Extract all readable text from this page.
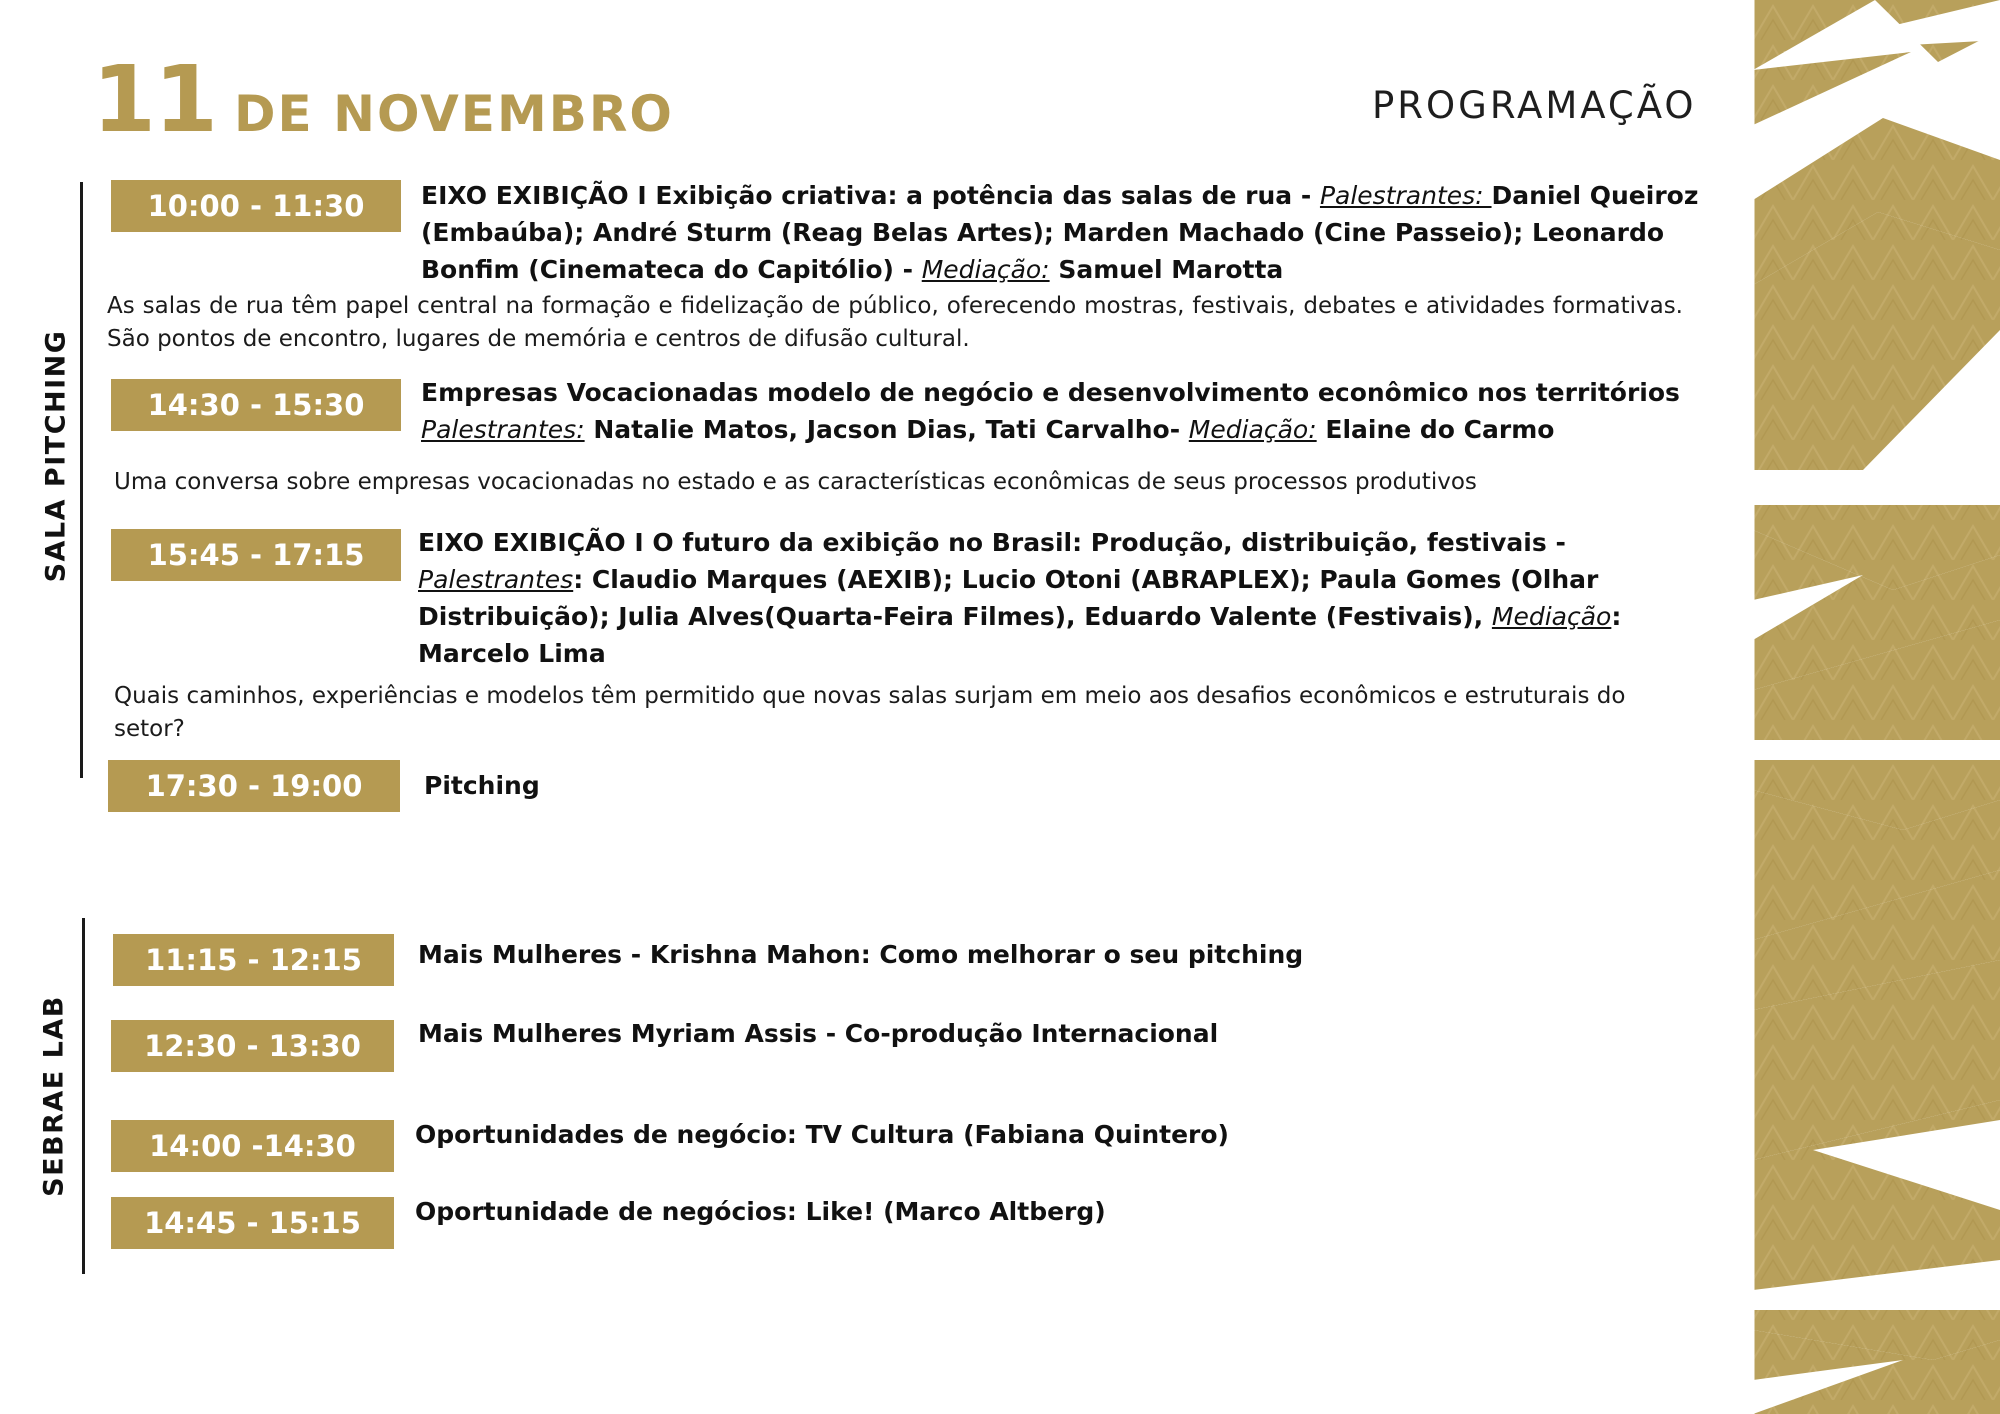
11 DE NOVEMBRO	PROGRAMAÇÃO
SALA PITCHING
SEBRAE LAB
10:00 - 11:30	EIXO EXIBIÇÃO I Exibição criativa: a potência das salas de rua - Palestrantes: Daniel Queiroz
(Embaúba); André Sturm (Reag Belas Artes); Marden Machado (Cine Passeio); Leonardo
Bonfim (Cinemateca do Capitólio) - Mediação: Samuel Marotta
As salas de rua têm papel central na formação e fidelização de público, oferecendo mostras, festivais, debates e atividades formativas. São pontos de encontro, lugares de memória e centros de difusão cultural.
14:30 - 15:30	Empresas Vocacionadas modelo de negócio e desenvolvimento econômico nos territórios
Palestrantes: Natalie Matos, Jacson Dias, Tati Carvalho- Mediação: Elaine do Carmo
Uma conversa sobre empresas vocacionadas no estado e as características econômicas de seus processos produtivos
15:45 - 17:15	EIXO EXIBIÇÃO I O futuro da exibição no Brasil: Produção, distribuição, festivais -
Palestrantes: Claudio Marques (AEXIB); Lucio Otoni (ABRAPLEX); Paula Gomes (Olhar
Distribuição); Julia Alves(Quarta-Feira Filmes), Eduardo Valente (Festivais), Mediação:
Marcelo Lima
Quais caminhos, experiências e modelos têm permitido que novas salas surjam em meio aos desafios econômicos e estruturais do setor?
17:30 - 19:00	Pitching
11:15 - 12:15	Mais Mulheres - Krishna Mahon: Como melhorar o seu pitching
12:30 - 13:30	Mais Mulheres Myriam Assis - Co-produção Internacional
14:00 -14:30	Oportunidades de negócio: TV Cultura (Fabiana Quintero)
14:45 - 15:15	Oportunidade de negócios: Like! (Marco Altberg)
